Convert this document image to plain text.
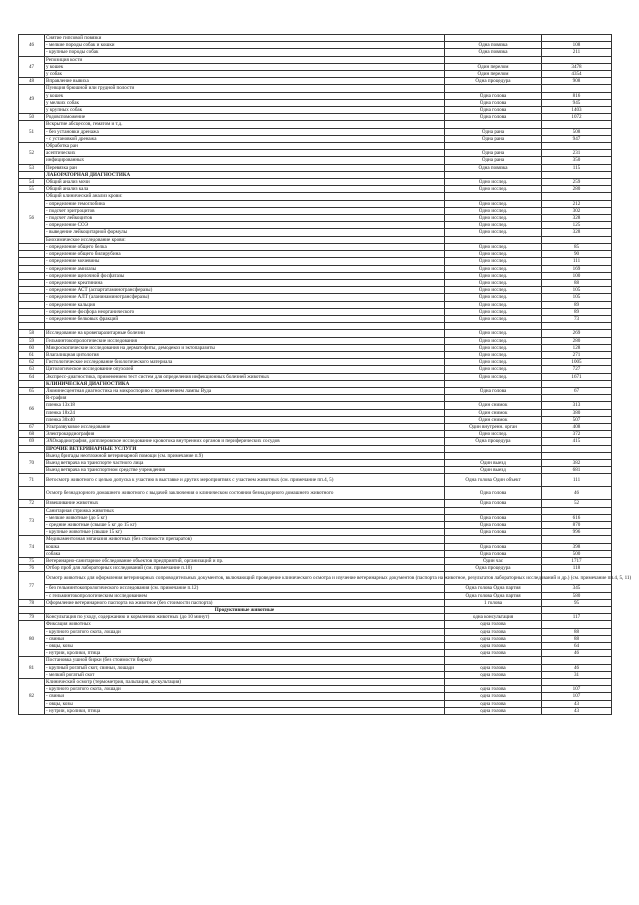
46	Снятие гипсовой повязки		
	- мелкие породы собак и кошки	Одна повязка	108
	- крупные породы собак	Одна повязка	211
47	Репозиция кости		
	у кошек	Один перелом	3478
	у собак	Один перелом	4354
48	Вправление вывиха	Одна процедура	908
49	Пункция брюшной или грудной полости		
	у кошек	Одна голова	816
	у мелких собак	Одна голова	945
	у крупных собак	Одна голова	1403
50	Родовспоможение	Одна голова	1072
51	Вскрытие абсцессов, гематом и т.д.		
	- без установки дренажа	Одна рана	508
	- с установкой дренажа	Одна рана	947
52	Обработка ран		
	асептических	Одна рана	231
	инфицированных	Одна рана	350
53	Перевязка ран	Одна повязка	115
	ЛАБОРАТОРНАЯ ДИАГНОСТИКА		
54	Общий анализ мочи	Одно исслед.	259
55	Общий анализ кала	Одно исслед.	280
56	Общий клинический анализ крови:		
	- определение гемоглобина	Одно исслед.	212
	- подсчет эритроцитов	Одно исслед.	302
	- подсчет лейкоцитов	Одно исслед.	328
	- определение СОЭ	Одно исслед.	125
	- выведение лейкоцитарной формулы	Одно исслед.	328
	Биохимическое исследование крови:		
	- определение общего белка	Одно исслед.	85
	- определение общего билирубина	Одно исслед.	90
	- определение мочевины	Одно исслед.	111
	- определение амилазы	Одно исслед.	169
	- определение щелочной фосфатазы	Одно исслед.	100
	- определение креатинина	Одно исслед.	88
	- определение АСТ (аспартатаминотрансферазы)	Одно исслед.	105
	- определение АЛТ (аланинаминотрансферазы)	Одно исслед.	105
	- определение кальция	Одно исслед.	89
	- определение фосфора неорганического	Одно исслед.	89
	- определение белковых фракций	Одно исслед.	73

58	Исследование на кровепаразитарные болезни	Одно исслед.	269
59	Гельминтокопрологические исследования	Одно исслед.	280
60	Микроскопические исследования на дерматофиты, демодекоз и эктопаразиты	Одно исслед.	128
61	Влагалищная цитология	Одно исслед.	271
62	Гистологическое исследование биологического материала	Одно исслед.	1005
63	Цитологическое исследование опухолей	Одно исслед.	727
64	Экспресс-диагностика, применением тест систем для определения инфекционных болезней животных	Одно исслед.	1671
	КЛИНИЧЕСКАЯ ДИАГНОСТИКА		
65	Люминесцентная диагностика на микроспорию с применением лампы Вуда	Одна голова	67
66	R-графия		
	пленка 13х18	Один снимок	313
	пленка 18х24	Один снимок	380
	пленка 30х40	Один снимок	507
67	Ультразвуковое исследование	Один внутренн. орган	408
68	Электрокардиография	Одно исслед.	372
69	ЭХОкардиография, допплеровское исследование кровотока внутренних органов и периферических сосудов	Одна процедура	415
	ПРОЧИЕ ВЕТЕРИНАРНЫЕ УСЛУГИ		
70	Выезд бригады неотложной ветеринарной помощи (см. примечание п.9)		
	Выезд ветврача на транспорте частного лица	Один выезд	382
	Выезд ветврача на транспортном средстве учреждения	Один выезд	681
71	Ветосмотр животного с целью допуска к участию в выставке и других мероприятиях с участием животных (см. примечание пп.4, 5)	Одна голова Один объект	111
	Осмотр безнадзорного домашнего животного с выдачей заключения о клиническом состоянии безнадзорного домашнего животного	Одна голова	46
72	Взвешивание животных	Одна голова	52
73	Санитарная стрижка животных		
	- мелкие животные (до 5 кг)	Одна голова	616
	- средние животные (свыше 5 кг до 15 кг)	Одна голова	870
	- крупные животные (свыше 15 кг)	Одна голова	996
74	Медикаментозная эвтаназия животных (без стоимости препаратов)		
	кошка	Одна голова	398
	собака	Одна голова	500
75	Ветеринарно-санитарное обследование объектов предприятий, организаций и пр.	Один час	1717
76	Отбор проб для лабораторных исследований (см. примечание п.10)	Одна процедура	118
77	Осмотр животных для оформления ветеринарных сопроводительных документов, включающий проведение клинического осмотра и изучение ветеринарных документов (паспорта на животное, результатов лабораторных исследований и др.) (см. примечание пп.4, 5, 11)		
	- без гельминтокопрологического исследования (см. примечание п.12)	Одна голова Одна партия	345
	- с гельминтокопрологическим исследованием	Одна голова Одна партия	580
78	Оформление ветеринарного паспорта на животное (без стоимости паспорта)	1 голова	95
	Продуктивные животные		
79	Консультация по уходу, содержанию и кормлению животных (до 10 минут)	одна консультация	117
80	Фиксация животных	одна голова	
	- крупного рогатого скота, лошади	одна голова	88
	- свиньи	одна голова	88
	- овцы, козы	одна голова	64
	- нутрии, кролики, птица	одна голова	46
81	Постановка ушной бирки (без стоимости бирки)		
	- крупный рогатый скот, свиньи, лошади	одна голова	46
	- мелкий рогатый скот	одна голова	31
82	Клинический осмотр (термометрия, пальпация, аускультация)		
	- крупного рогатого скота, лошади	одна голова	107
	- свиньи	одна голова	107
	- овцы, козы	одна голова	43
	- нутрии, кролики, птица	одна голова	43
